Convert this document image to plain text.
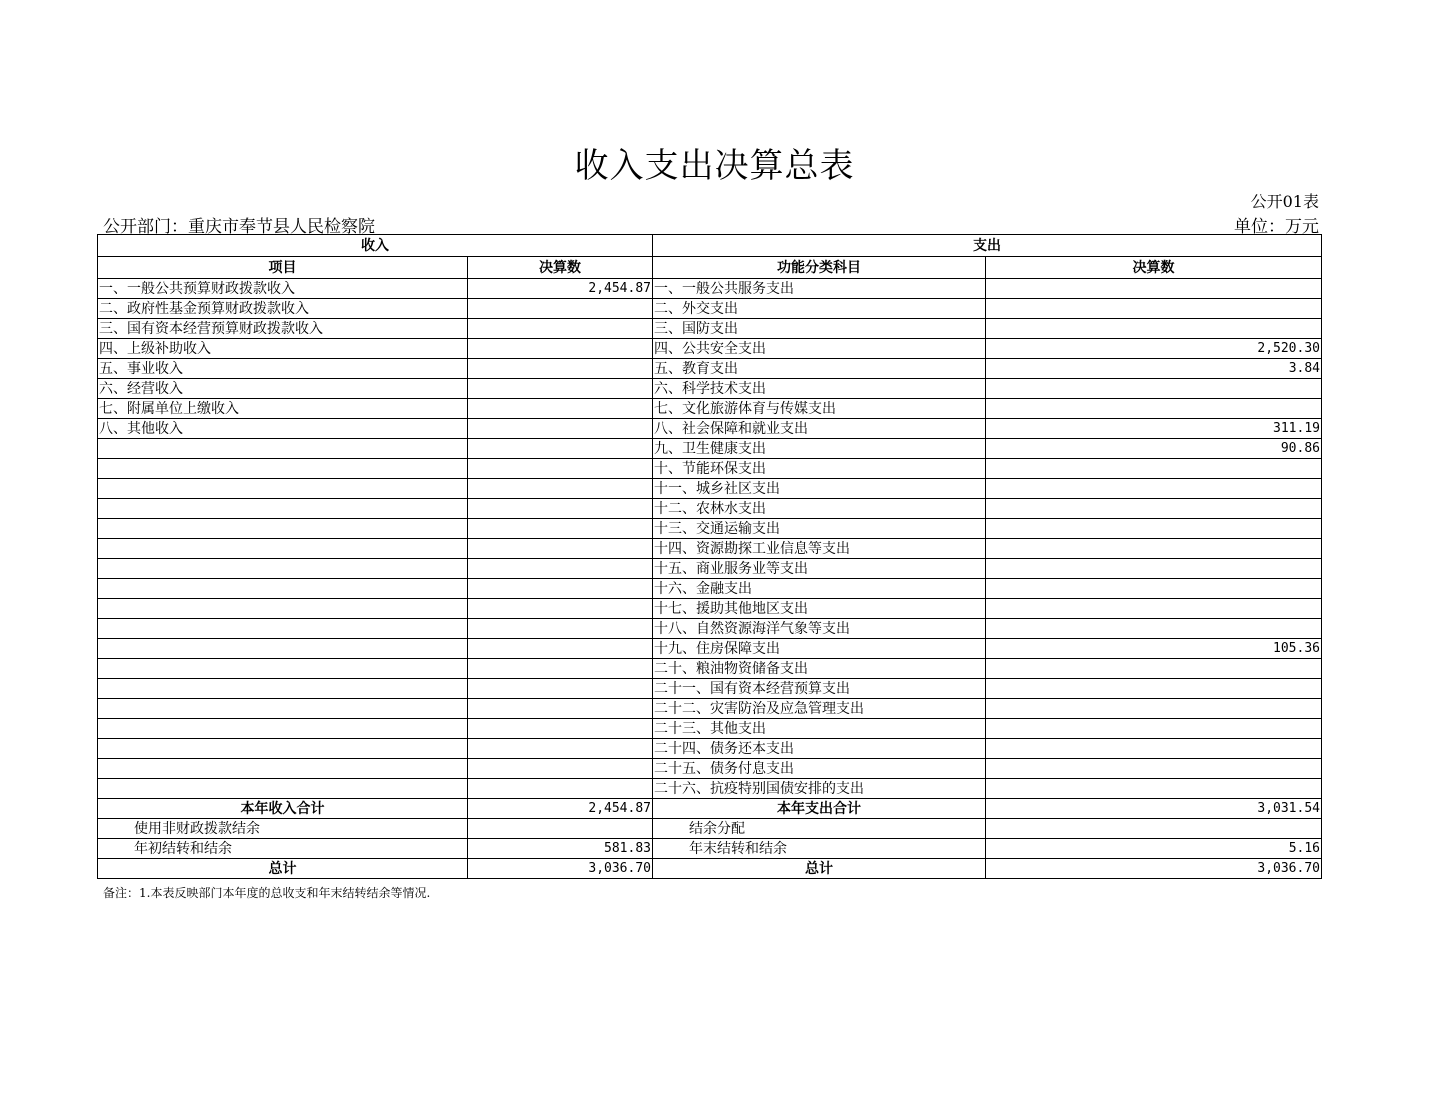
收入支出决算总表
公开01表
公开部门：重庆市奉节县人民检察院	单位：万元
收入		支出	
项目	决算数	功能分类科目	决算数
一、一般公共预算财政拨款收入	2,454.87	一、一般公共服务支出	
二、政府性基金预算财政拨款收入		二、外交支出	
三、国有资本经营预算财政拨款收入		三、国防支出	
四、上级补助收入		四、公共安全支出	2,520.30
五、事业收入		五、教育支出	3.84
六、经营收入		六、科学技术支出	
七、附属单位上缴收入		七、文化旅游体育与传媒支出	
八、其他收入		八、社会保障和就业支出	311.19
		九、卫生健康支出	90.86
		十、节能环保支出	
		十一、城乡社区支出	
		十二、农林水支出	
		十三、交通运输支出	
		十四、资源勘探工业信息等支出	
		十五、商业服务业等支出	
		十六、金融支出	
		十七、援助其他地区支出	
		十八、自然资源海洋气象等支出	
		十九、住房保障支出	105.36
		二十、粮油物资储备支出	
		二十一、国有资本经营预算支出	
		二十二、灾害防治及应急管理支出	
		二十三、其他支出	
		二十四、债务还本支出	
		二十五、债务付息支出	
		二十六、抗疫特别国债安排的支出	
本年收入合计	2,454.87	本年支出合计	3,031.54
使用非财政拨款结余		结余分配	
年初结转和结余	581.83	年末结转和结余	5.16
总计	3,036.70	总计	3,036.70
备注：1.本表反映部门本年度的总收支和年末结转结余等情况.
